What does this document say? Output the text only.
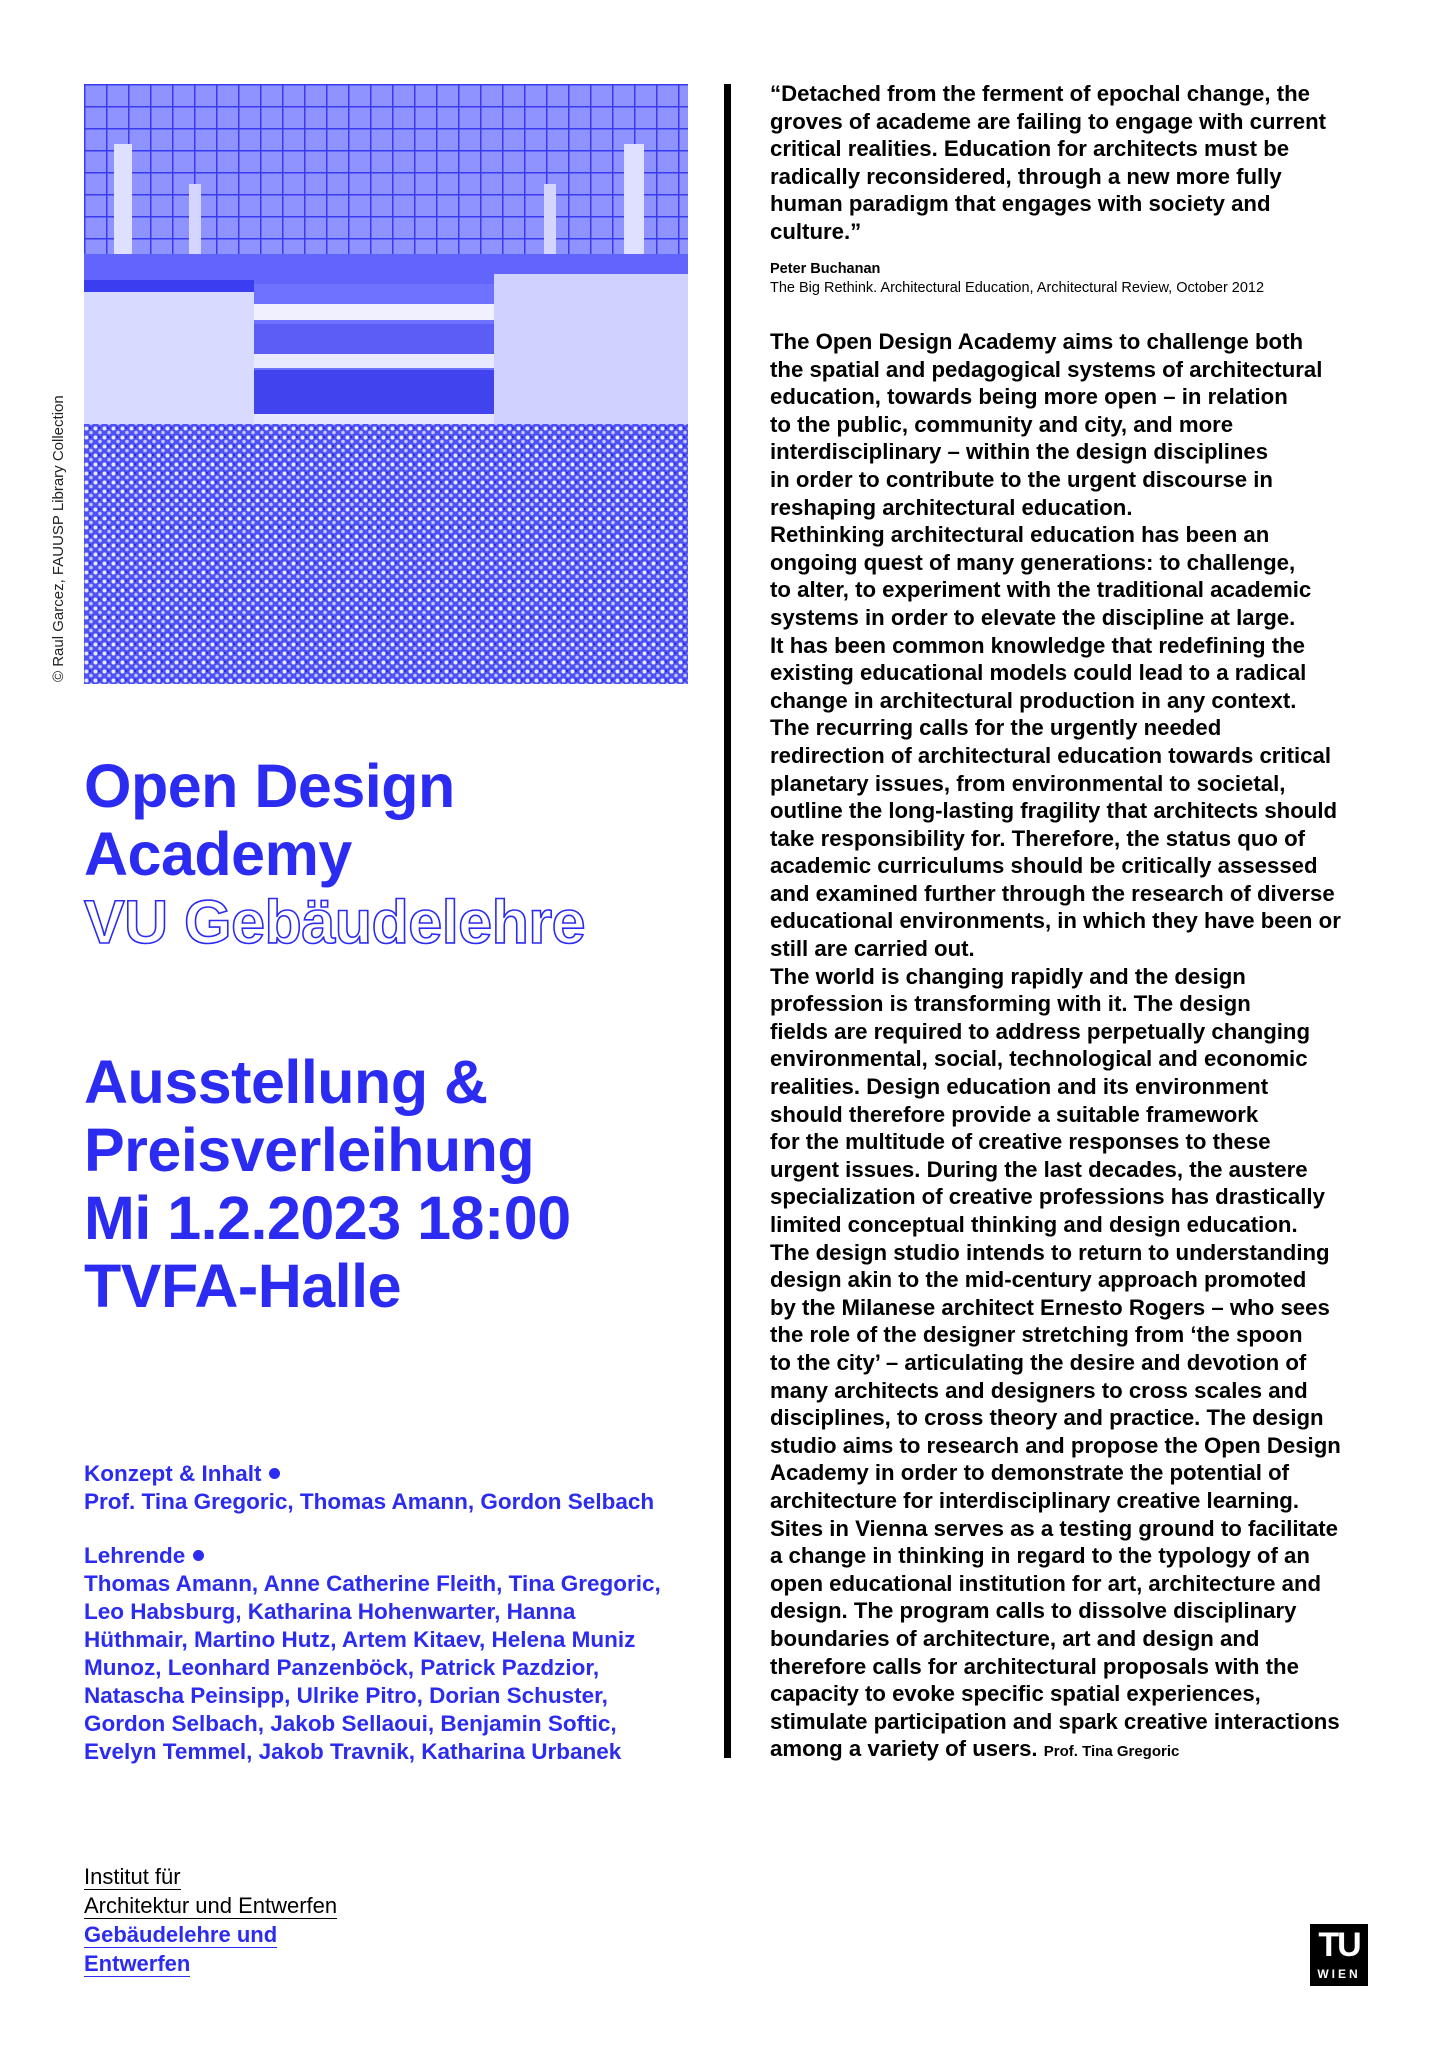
© Raul Garcez, FAUUSP Library Collection
Open Design
Academy
VU Gebäudelehre
Ausstellung &
Preisverleihung
Mi 1.2.2023 18:00
TVFA-Halle
Konzept & Inhalt
Prof. Tina Gregoric, Thomas Amann, Gordon Selbach
Lehrende
Thomas Amann, Anne Catherine Fleith, Tina Gregoric,
Leo Habsburg, Katharina Hohenwarter, Hanna
Hüthmair, Martino Hutz, Artem Kitaev, Helena Muniz
Munoz, Leonhard Panzenböck, Patrick Pazdzior,
Natascha Peinsipp, Ulrike Pitro, Dorian Schuster,
Gordon Selbach, Jakob Sellaoui, Benjamin Softic,
Evelyn Temmel, Jakob Travnik, Katharina Urbanek
“Detached from the ferment of epochal change, the
groves of academe are failing to engage with current
critical realities. Education for architects must be
radically reconsidered, through a new more fully
human paradigm that engages with society and
culture.”
Peter Buchanan
The Big Rethink. Architectural Education, Architectural Review, October 2012
The Open Design Academy aims to challenge both
the spatial and pedagogical systems of architectural
education, towards being more open – in relation
to the public, community and city, and more
interdisciplinary – within the design disciplines
in order to contribute to the urgent discourse in
reshaping architectural education.
Rethinking architectural education has been an
ongoing quest of many generations: to challenge,
to alter, to experiment with the traditional academic
systems in order to elevate the discipline at large.
It has been common knowledge that redefining the
existing educational models could lead to a radical
change in architectural production in any context.
The recurring calls for the urgently needed
redirection of architectural education towards critical
planetary issues, from environmental to societal,
outline the long-lasting fragility that architects should
take responsibility for. Therefore, the status quo of
academic curriculums should be critically assessed
and examined further through the research of diverse
educational environments, in which they have been or
still are carried out.
The world is changing rapidly and the design
profession is transforming with it. The design
fields are required to address perpetually changing
environmental, social, technological and economic
realities. Design education and its environment
should therefore provide a suitable framework
for the multitude of creative responses to these
urgent issues. During the last decades, the austere
specialization of creative professions has drastically
limited conceptual thinking and design education.
The design studio intends to return to understanding
design akin to the mid-century approach promoted
by the Milanese architect Ernesto Rogers – who sees
the role of the designer stretching from ‘the spoon
to the city’ – articulating the desire and devotion of
many architects and designers to cross scales and
disciplines, to cross theory and practice. The design
studio aims to research and propose the Open Design
Academy in order to demonstrate the potential of
architecture for interdisciplinary creative learning.
Sites in Vienna serves as a testing ground to facilitate
a change in thinking in regard to the typology of an
open educational institution for art, architecture and
design. The program calls to dissolve disciplinary
boundaries of architecture, art and design and
therefore calls for architectural proposals with the
capacity to evoke specific spatial experiences,
stimulate participation and spark creative interactions
among a variety of users. Prof. Tina Gregoric
Institut für
Architektur und Entwerfen
Gebäudelehre und
Entwerfen	TU
WIEN
